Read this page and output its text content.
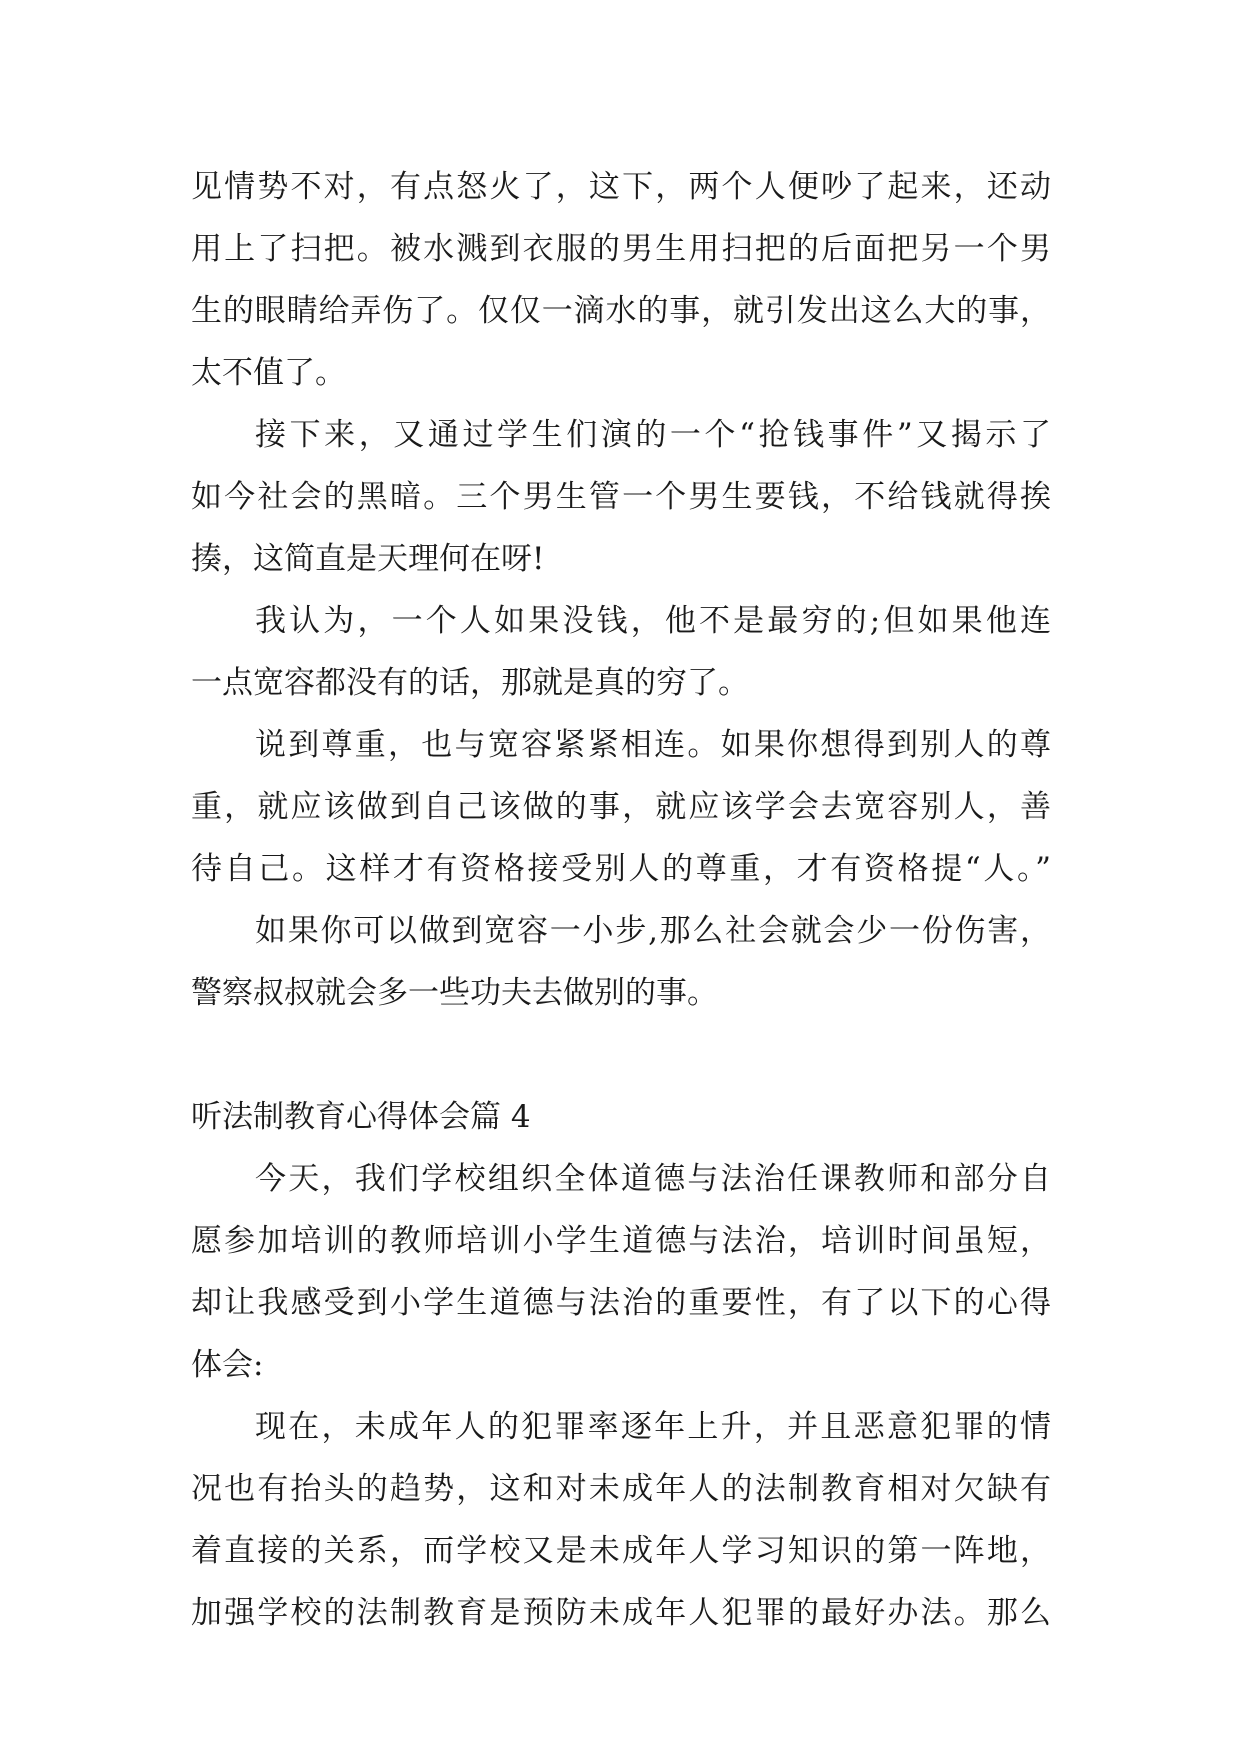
见情势不对，有点怒火了，这下，两个人便吵了起来，还动
用上了扫把。被水溅到衣服的男生用扫把的后面把另一个男
生的眼睛给弄伤了。仅仅一滴水的事，就引发出这么大的事，
太不值了。
接下来，又通过学生们演的一个“抢钱事件”又揭示了
如今社会的黑暗。三个男生管一个男生要钱，不给钱就得挨
揍，这简直是天理何在呀!
我认为，一个人如果没钱，他不是最穷的;但如果他连
一点宽容都没有的话，那就是真的穷了。
说到尊重，也与宽容紧紧相连。如果你想得到别人的尊
重，就应该做到自己该做的事，就应该学会去宽容别人，善
待自己。这样才有资格接受别人的尊重，才有资格提“人。”
如果你可以做到宽容一小步,那么社会就会少一份伤害，
警察叔叔就会多一些功夫去做别的事。
听法制教育心得体会篇 4
今天，我们学校组织全体道德与法治任课教师和部分自
愿参加培训的教师培训小学生道德与法治，培训时间虽短，
却让我感受到小学生道德与法治的重要性，有了以下的心得
体会:
现在，未成年人的犯罪率逐年上升，并且恶意犯罪的情
况也有抬头的趋势，这和对未成年人的法制教育相对欠缺有
着直接的关系，而学校又是未成年人学习知识的第一阵地，
加强学校的法制教育是预防未成年人犯罪的最好办法。那么
